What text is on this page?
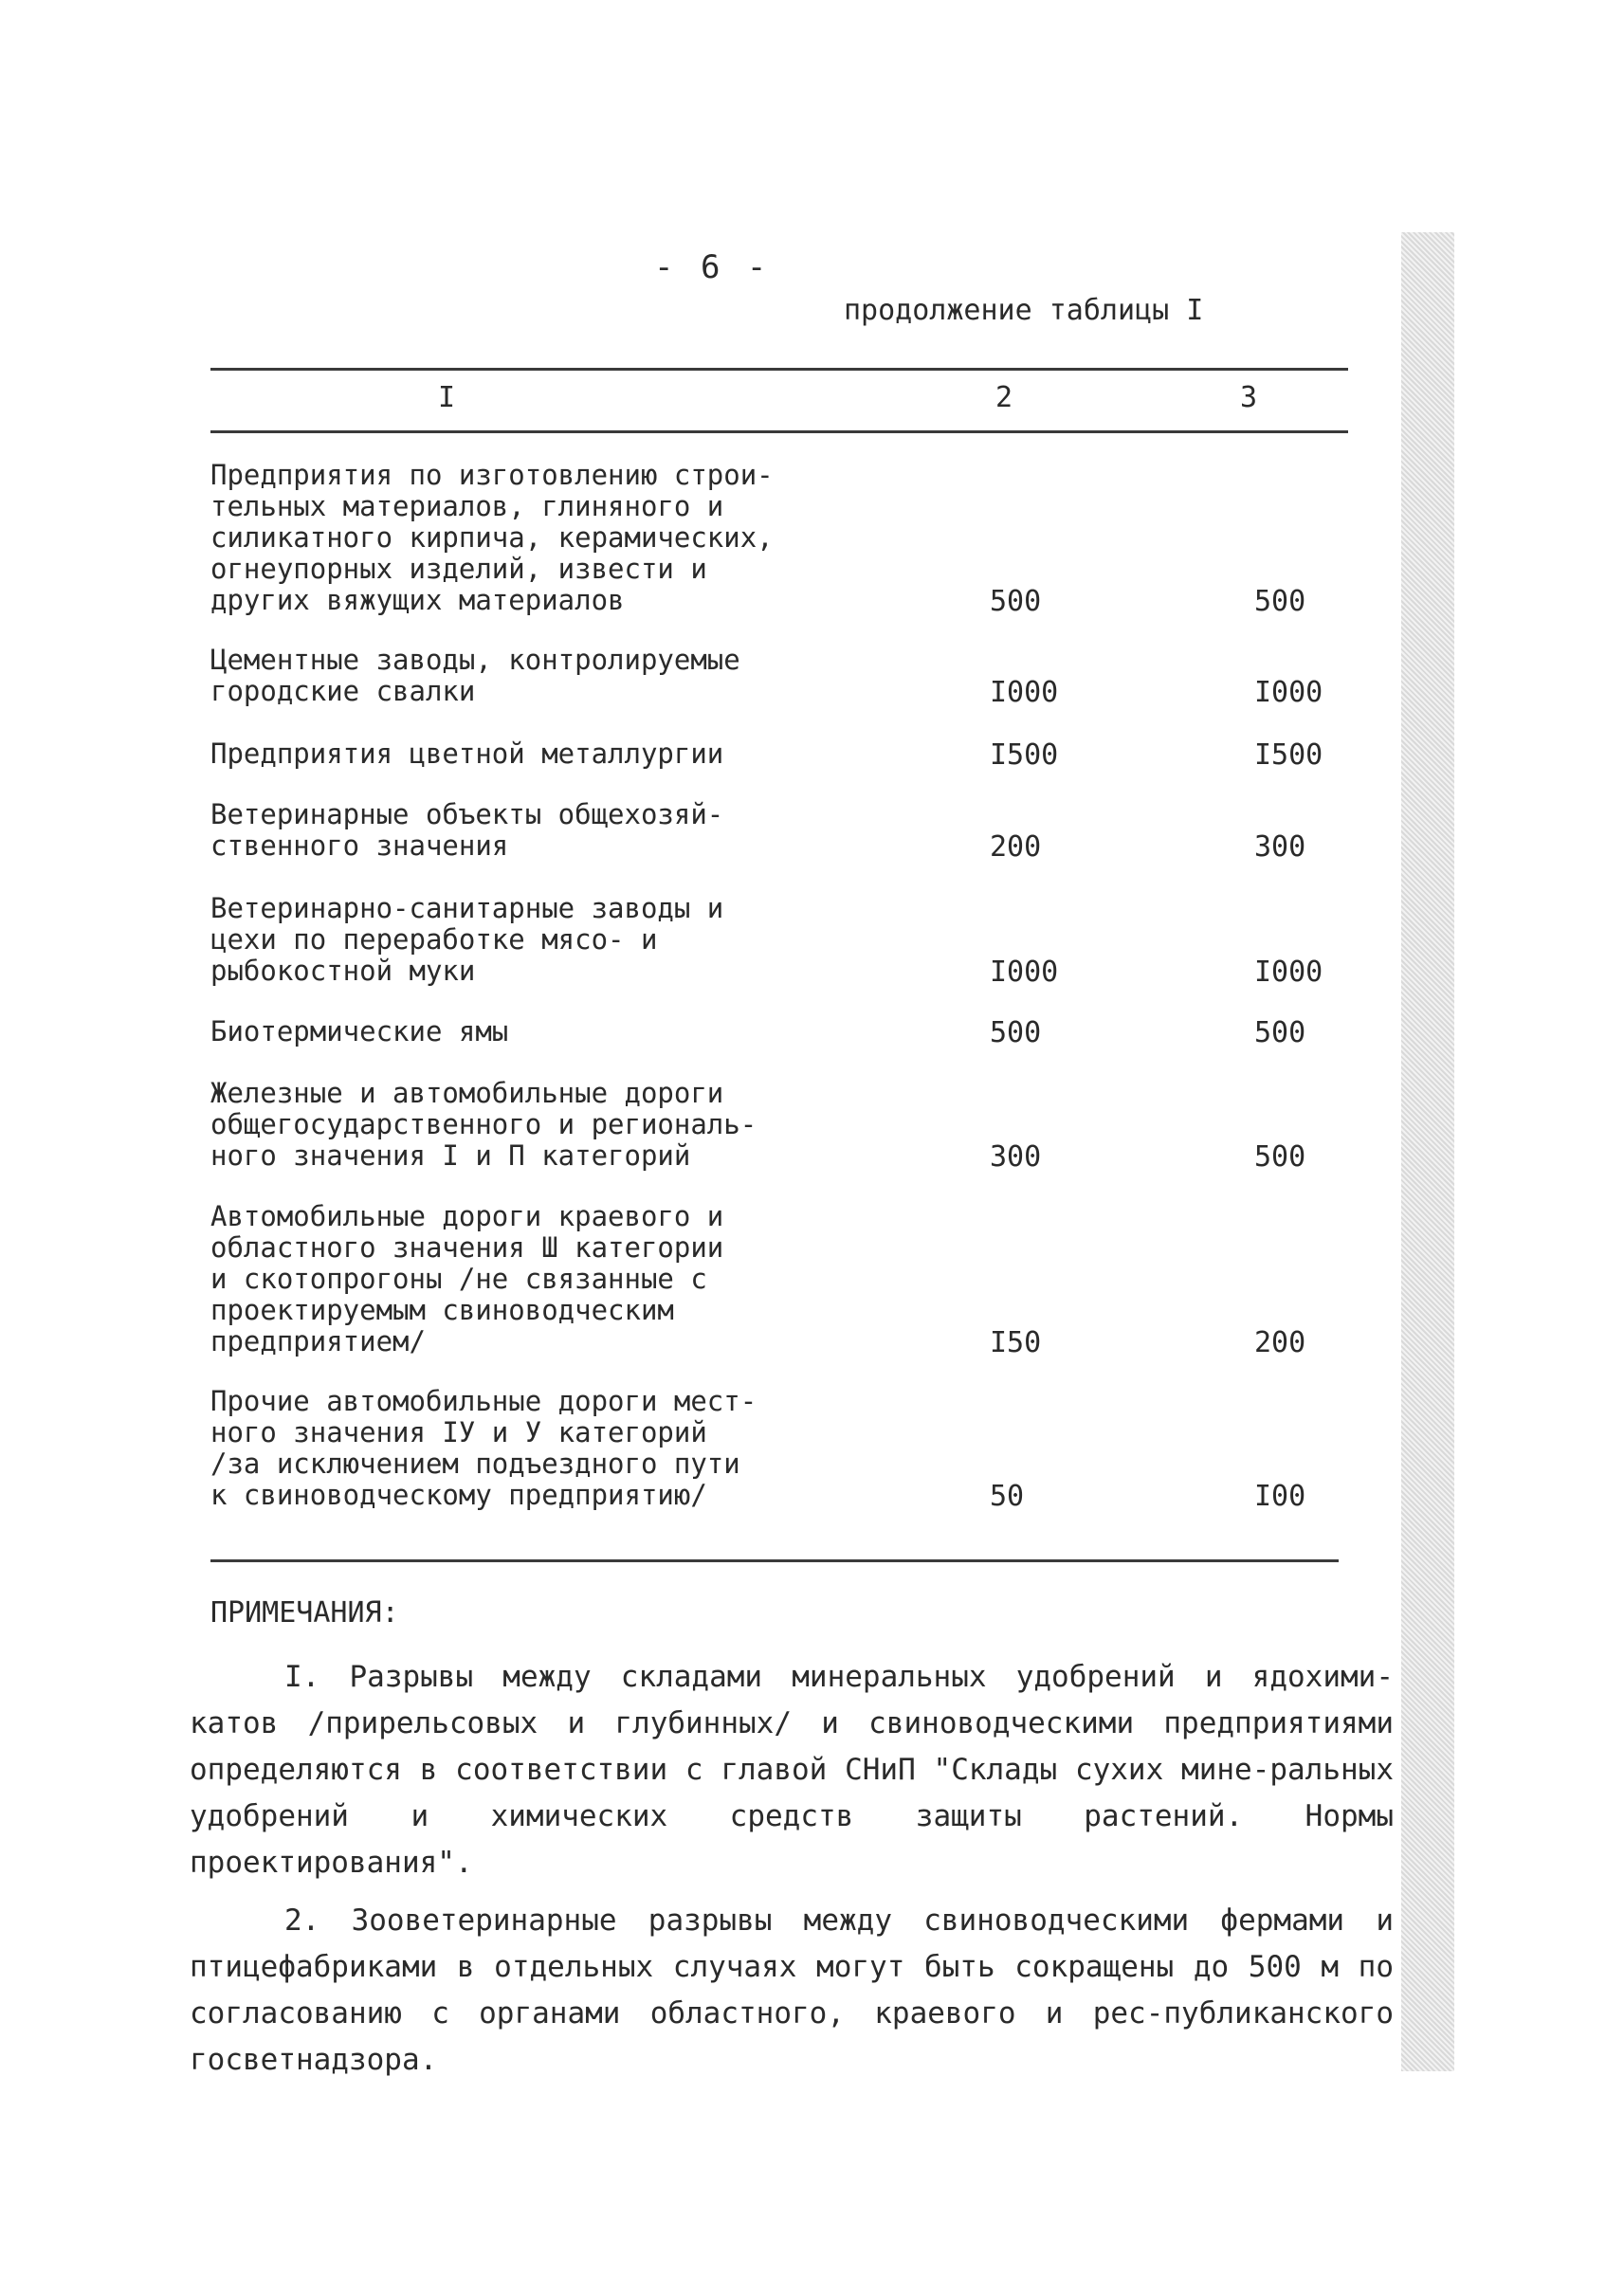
- 6 -
продолжение таблицы I
I	2	3
Предприятия по изготовлению строи-
тельных материалов, глиняного и
силикатного кирпича, керамических,
огнеупорных изделий, извести и
других вяжущих материалов	500	500
Цементные заводы, контролируемые
городские свалки	I000	I000
Предприятия цветной металлургии	I500	I500
Ветеринарные объекты общехозяй-
ственного значения	200	300
Ветеринарно-санитарные заводы и
цехи по переработке мясо- и
рыбокостной муки	I000	I000
Биотермические ямы	500	500
Железные и автомобильные дороги
общегосударственного и региональ-
ного значения I и П категорий	300	500
Автомобильные дороги краевого и
областного значения Ш категории
и скотопрогоны /не связанные с
проектируемым свиноводческим
предприятием/	I50	200
Прочие автомобильные дороги мест-
ного значения IУ и У категорий
/за исключением подъездного пути
к свиноводческому предприятию/	50	I00
ПРИМЕЧАНИЯ:

I. Разрывы между складами минеральных удобрений и ядохими-катов /прирельсовых и глубинных/ и свиноводческими предприятиями определяются в соответствии с главой СНиП "Склады сухих мине-ральных удобрений и химических средств защиты растений. Нормы проектирования".

2. Зооветеринарные разрывы между свиноводческими фермами и птицефабриками в отдельных случаях могут быть сокращены до 500 м по согласованию с органами областного, краевого и рес-публиканского госветнадзора.
